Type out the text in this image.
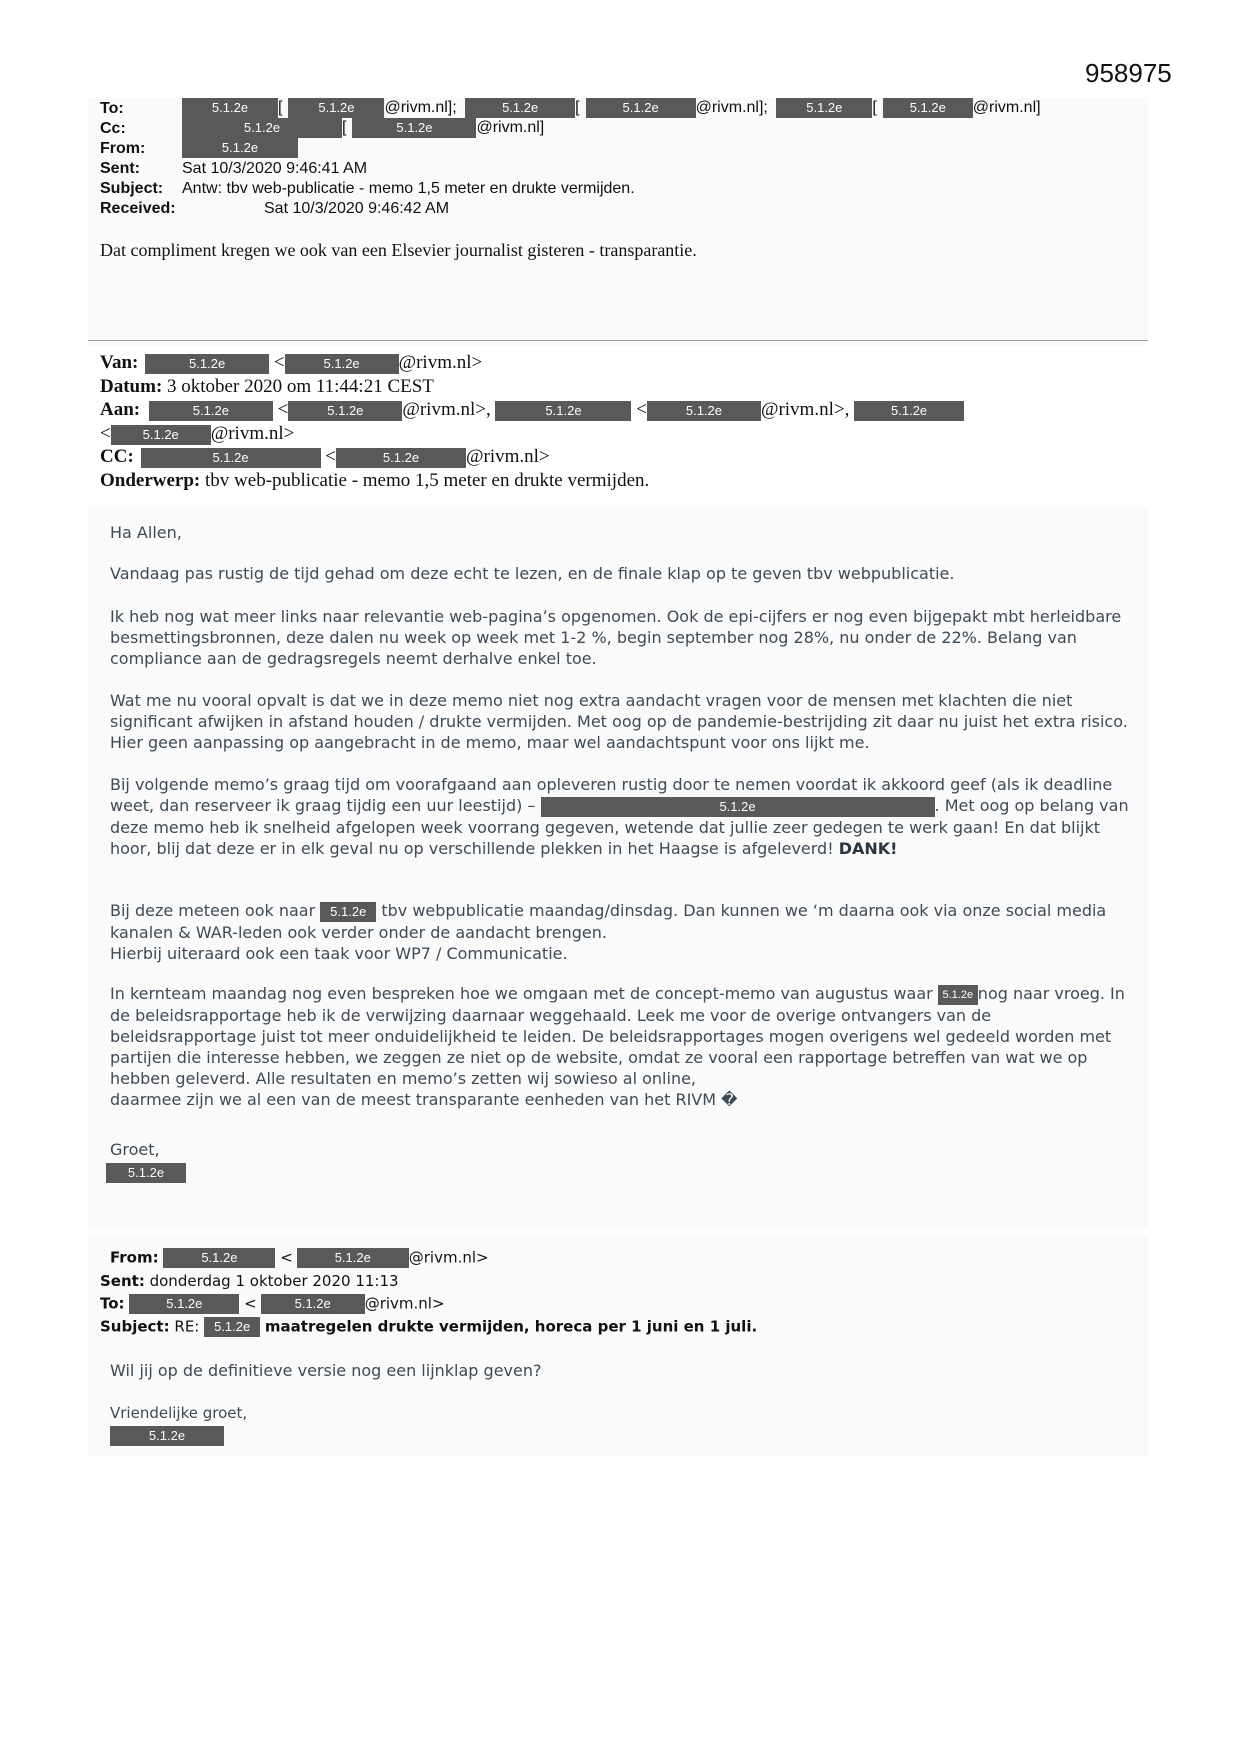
958975
To:	5.1.2e [	5.1.2e @rivm.nl];	5.1.2e [	5.1.2e @rivm.nl];	5.1.2e [	5.1.2e @rivm.nl]
Cc:	5.1.2e	[	5.1.2e	@rivm.nl]
From:	5.1.2e
Sent:	Sat 10/3/2020 9:46:41 AM
Subject: Antw: tbv web-publicatie - memo 1,5 meter en drukte vermijden.
Received:	Sat 10/3/2020 9:46:42 AM
Dat compliment kregen we ook van een Elsevier journalist gisteren - transparantie.
Van:	5.1.2e	<	5.1.2e @rivm.nl>
Datum: 3 oktober 2020 om 11:44:21 CEST
Aan:	5.1.2e	<	5.1.2e @rivm.nl>,	5.1.2e	<	5.1.2e @rivm.nl>,	5.1.2e
< 5.1.2e @rivm.nl>
CC:	5.1.2e	<	5.1.2e @rivm.nl>
Onderwerp: tbv web-publicatie - memo 1,5 meter en drukte vermijden.
Ha Allen,
Vandaag pas rustig de tijd gehad om deze echt te lezen, en de finale klap op te geven tbv webpublicatie.
Ik heb nog wat meer links naar relevantie web-pagina’s opgenomen. Ook de epi-cijfers er nog even bijgepakt mbt herleidbare besmettingsbronnen, deze dalen nu week op week met 1-2 %, begin september nog 28%, nu onder de 22%. Belang van compliance aan de gedragsregels neemt derhalve enkel toe.
Wat me nu vooral opvalt is dat we in deze memo niet nog extra aandacht vragen voor de mensen met klachten die niet significant afwijken in afstand houden / drukte vermijden. Met oog op de pandemie-bestrijding zit daar nu juist het extra risico. Hier geen aanpassing op aangebracht in de memo, maar wel aandachtspunt voor ons lijkt me.
Bij volgende memo’s graag tijd om voorafgaand aan opleveren rustig door te nemen voordat ik akkoord geef (als ik deadline weet, dan reserveer ik graag tijdig een uur leestijd) –	5.1.2e	. Met oog op belang van deze memo heb ik snelheid afgelopen week voorrang gegeven, wetende dat jullie zeer gedegen te werk gaan! En dat blijkt hoor, blij dat deze er in elk geval nu op verschillende plekken in het Haagse is afgeleverd! DANK!
Bij deze meteen ook naar 5.1.2e tbv webpublicatie maandag/dinsdag. Dan kunnen we ‘m daarna ook via onze social media kanalen & WAR-leden ook verder onder de aandacht brengen.
Hierbij uiteraard ook een taak voor WP7 / Communicatie.
In kernteam maandag nog even bespreken hoe we omgaan met de concept-memo van augustus waar 5.1.2e nog naar vroeg. In de beleidsrapportage heb ik de verwijzing daarnaar weggehaald. Leek me voor de overige ontvangers van de beleidsrapportage juist tot meer onduidelijkheid te leiden. De beleidsrapportages mogen overigens wel gedeeld worden met partijen die interesse hebben, we zeggen ze niet op de website, omdat ze vooral een rapportage betreffen van wat we op hebben geleverd. Alle resultaten en memo’s zetten wij sowieso al online,
daarmee zijn we al een van de meest transparante eenheden van het RIVM �
Groet,
5.1.2e
From:	5.1.2e	<	5.1.2e	@rivm.nl>
Sent: donderdag 1 oktober 2020 11:13
To:	5.1.2e	<	5.1.2e @rivm.nl>
Subject: RE: 5.1.2e maatregelen drukte vermijden, horeca per 1 juni en 1 juli.
Wil jij op de definitieve versie nog een lijnklap geven?
Vriendelijke groet,
5.1.2e
